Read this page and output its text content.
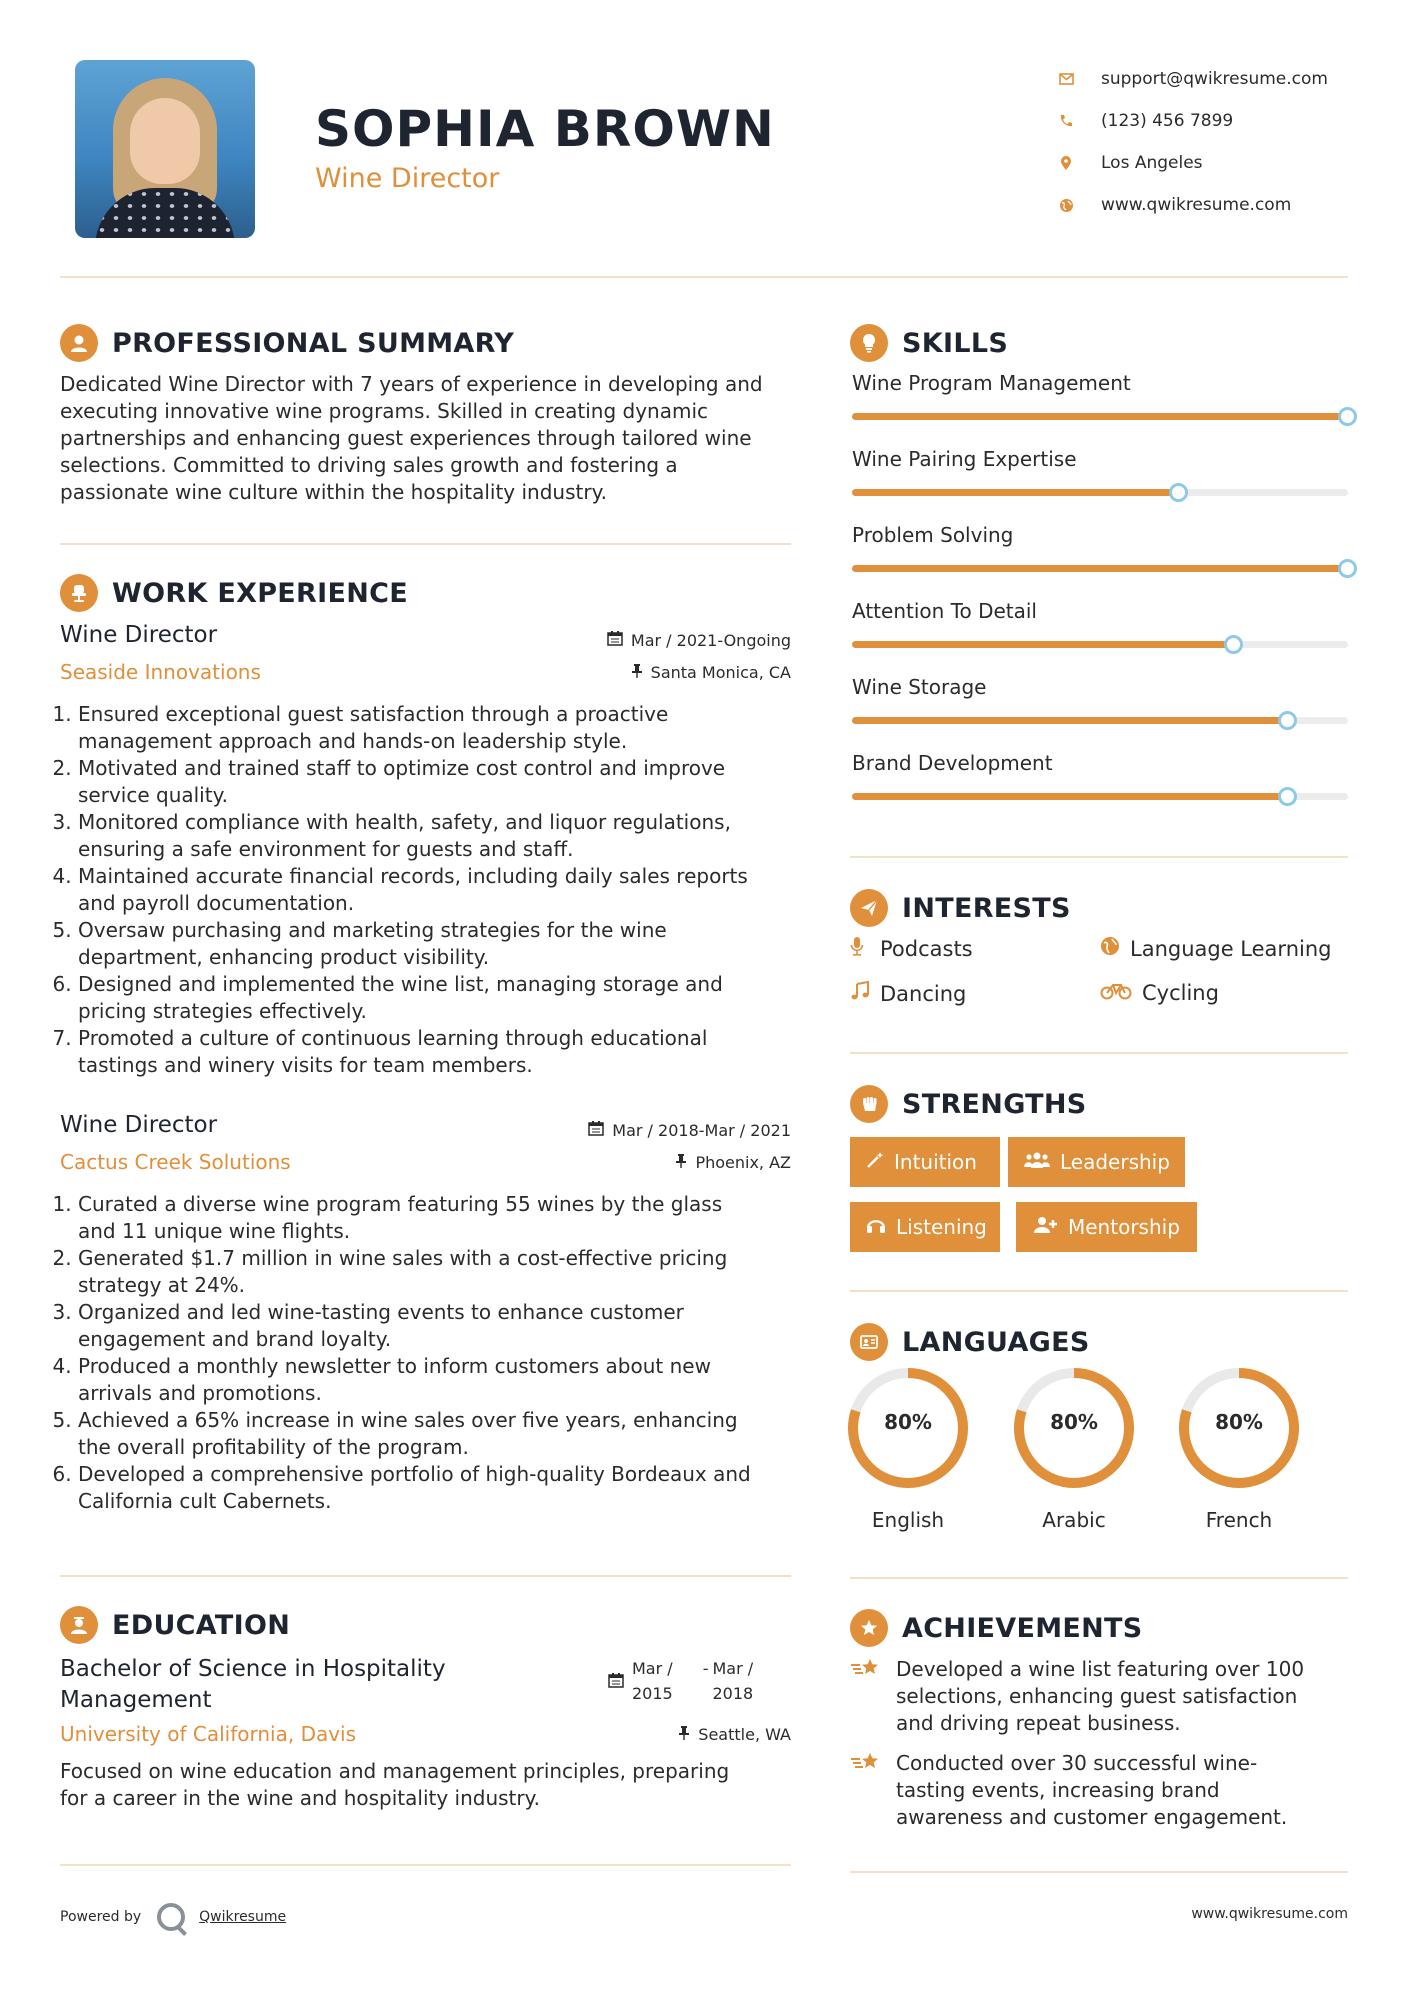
SOPHIA BROWN
Wine Director
support@qwikresume.com
(123) 456 7899
Los Angeles
www.qwikresume.com
PROFESSIONAL SUMMARY
Dedicated Wine Director with 7 years of experience in developing and
executing innovative wine programs. Skilled in creating dynamic
partnerships and enhancing guest experiences through tailored wine
selections. Committed to driving sales growth and fostering a
passionate wine culture within the hospitality industry.
WORK EXPERIENCE
Wine Director
Seaside Innovations
Mar / 2021-Ongoing
Santa Monica, CA
1. Ensured exceptional guest satisfaction through a proactive
management approach and hands-on leadership style.
2. Motivated and trained staff to optimize cost control and improve
service quality.
3. Monitored compliance with health, safety, and liquor regulations,
ensuring a safe environment for guests and staff.
4. Maintained accurate financial records, including daily sales reports
and payroll documentation.
5. Oversaw purchasing and marketing strategies for the wine
department, enhancing product visibility.
6. Designed and implemented the wine list, managing storage and
pricing strategies effectively.
7. Promoted a culture of continuous learning through educational
tastings and winery visits for team members.
Wine Director
Cactus Creek Solutions
Mar / 2018-Mar / 2021
Phoenix, AZ
1. Curated a diverse wine program featuring 55 wines by the glass
and 11 unique wine flights.
2. Generated $1.7 million in wine sales with a cost-effective pricing
strategy at 24%.
3. Organized and led wine-tasting events to enhance customer
engagement and brand loyalty.
4. Produced a monthly newsletter to inform customers about new
arrivals and promotions.
5. Achieved a 65% increase in wine sales over five years, enhancing
the overall profitability of the program.
6. Developed a comprehensive portfolio of high-quality Bordeaux and
California cult Cabernets.
EDUCATION
Bachelor of Science in Hospitality
Management
University of California, Davis
Mar /
2015
- Mar /
2018
Seattle, WA
Focused on wine education and management principles, preparing
for a career in the wine and hospitality industry.
SKILLS
Wine Program Management
Wine Pairing Expertise
Problem Solving
Attention To Detail
Wine Storage
Brand Development
INTERESTS
Podcasts	Language Learning
Dancing	Cycling
STRENGTHS
Intuition	Leadership
Listening	Mentorship
LANGUAGES
80%
English
80%
Arabic
80%
French
ACHIEVEMENTS
Developed a wine list featuring over 100
selections, enhancing guest satisfaction
and driving repeat business.
Conducted over 30 successful wine-
tasting events, increasing brand
awareness and customer engagement.
Powered by	Qwikresume	www.qwikresume.com
